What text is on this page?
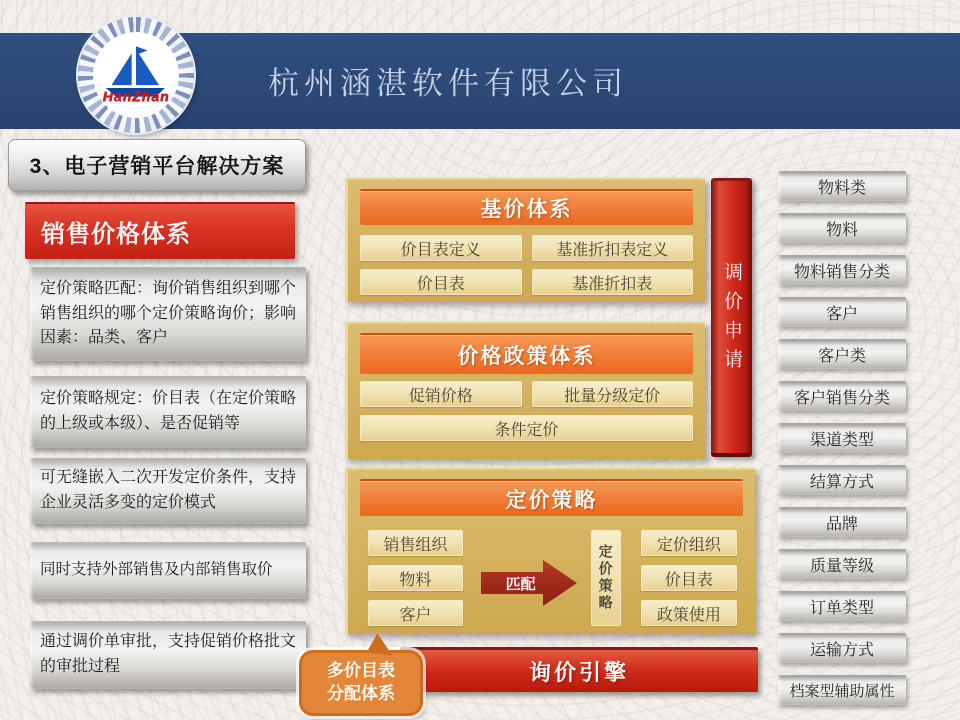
杭州涵湛软件有限公司
HanZhan
3、电子营销平台解决方案
销售价格体系
定价策略匹配：询价销售组织到哪个销售组织的哪个定价策略询价；影响因素：品类、客户
定价策略规定：价目表（在定价策略的上级或本级）、是否促销等
可无缝嵌入二次开发定价条件，支持企业灵活多变的定价模式
同时支持外部销售及内部销售取价
通过调价单审批，支持促销价格批文的审批过程
基价体系
价目表定义	基准折扣表定义
价目表	基准折扣表
价格政策体系
促销价格	批量分级定价
条件定价
定价策略
销售组织
物料
客户
匹配	定价策略	定价组织
价目表
政策使用
调价申请
物料类
物料
物料销售分类
客户
客户类
客户销售分类
渠道类型
结算方式
品牌
质量等级
订单类型
运输方式
档案型辅助属性
询价引擎
多价目表
分配体系
